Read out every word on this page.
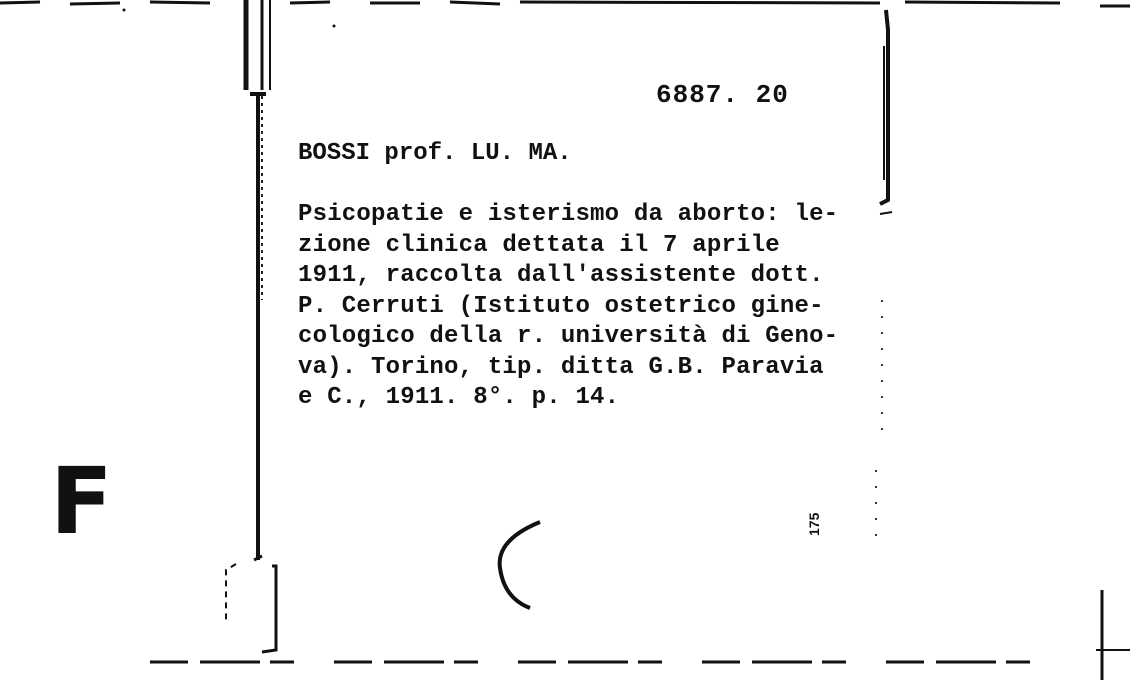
6887. 20
BOSSI prof. LU. MA.
Psicopatie e isterismo da aborto: le-
zione clinica dettata il 7 aprile
1911, raccolta dall'assistente dott.
P. Cerruti (Istituto ostetrico gine-
cologico della r. università di Geno-
va). Torino, tip. ditta G.B. Paravia
e C., 1911. 8°. p. 14.
F	175
